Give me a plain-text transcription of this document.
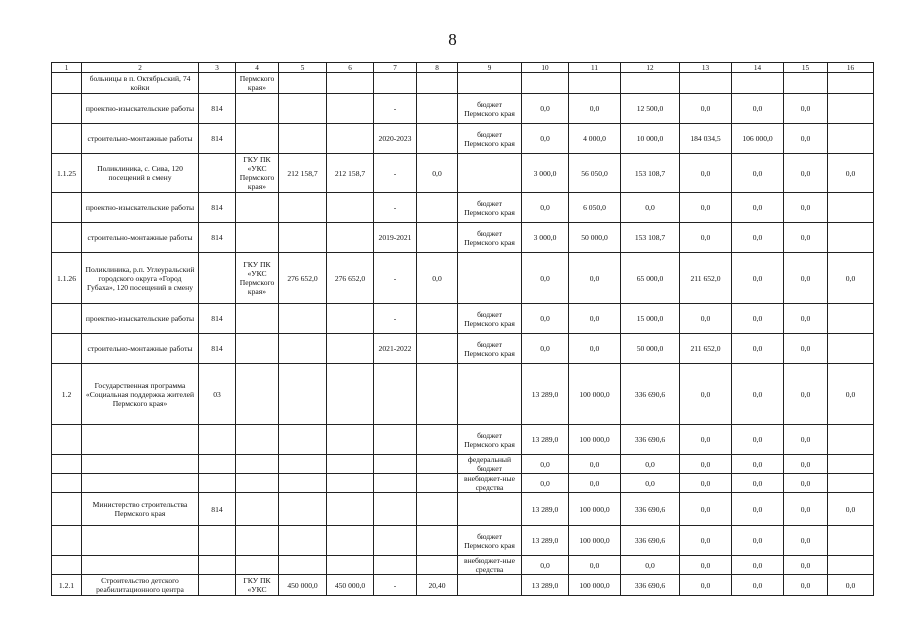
8
1	2	3	4	5	6	7	8	9	10	11	12	13	14	15	16
	больницы в п. Октябрьский, 74 койки		Пермского края»												
	проектно-изыскательские работы	814				-		бюджет Пермского края	0,0	0,0	12 500,0	0,0	0,0	0,0	
	строительно-монтажные работы	814				2020-2023		бюджет Пермского края	0,0	4 000,0	10 000,0	184 034,5	106 000,0	0,0	
1.1.25	Поликлиника, с. Сива, 120 посещений в смену		ГКУ ПК «УКС Пермского края»	212 158,7	212 158,7	-	0,0		3 000,0	56 050,0	153 108,7	0,0	0,0	0,0	0,0
	проектно-изыскательские работы	814				-		бюджет Пермского края	0,0	6 050,0	0,0	0,0	0,0	0,0	
	строительно-монтажные работы	814				2019-2021		бюджет Пермского края	3 000,0	50 000,0	153 108,7	0,0	0,0	0,0	
1.1.26	Поликлиника, р.п. Углеуральский городского округа «Город Губаха», 120 посещений в смену		ГКУ ПК «УКС Пермского края»	276 652,0	276 652,0	-	0,0		0,0	0,0	65 000,0	211 652,0	0,0	0,0	0,0
	проектно-изыскательские работы	814				-		бюджет Пермского края	0,0	0,0	15 000,0	0,0	0,0	0,0	
	строительно-монтажные работы	814				2021-2022		бюджет Пермского края	0,0	0,0	50 000,0	211 652,0	0,0	0,0	
1.2	Государственная программа «Социальная поддержка жителей Пермского края»	03							13 289,0	100 000,0	336 690,6	0,0	0,0	0,0	0,0
								бюджет Пермского края	13 289,0	100 000,0	336 690,6	0,0	0,0	0,0	
								федеральный бюджет	0,0	0,0	0,0	0,0	0,0	0,0	
								внебюджет-ные средства	0,0	0,0	0,0	0,0	0,0	0,0	
	Министерство строительства Пермского края	814							13 289,0	100 000,0	336 690,6	0,0	0,0	0,0	0,0
								бюджет Пермского края	13 289,0	100 000,0	336 690,6	0,0	0,0	0,0	
								внебюджет-ные средства	0,0	0,0	0,0	0,0	0,0	0,0	
1.2.1	Строительство детского реабилитационного центра		ГКУ ПК «УКС	450 000,0	450 000,0	-	20,40		13 289,0	100 000,0	336 690,6	0,0	0,0	0,0	0,0
